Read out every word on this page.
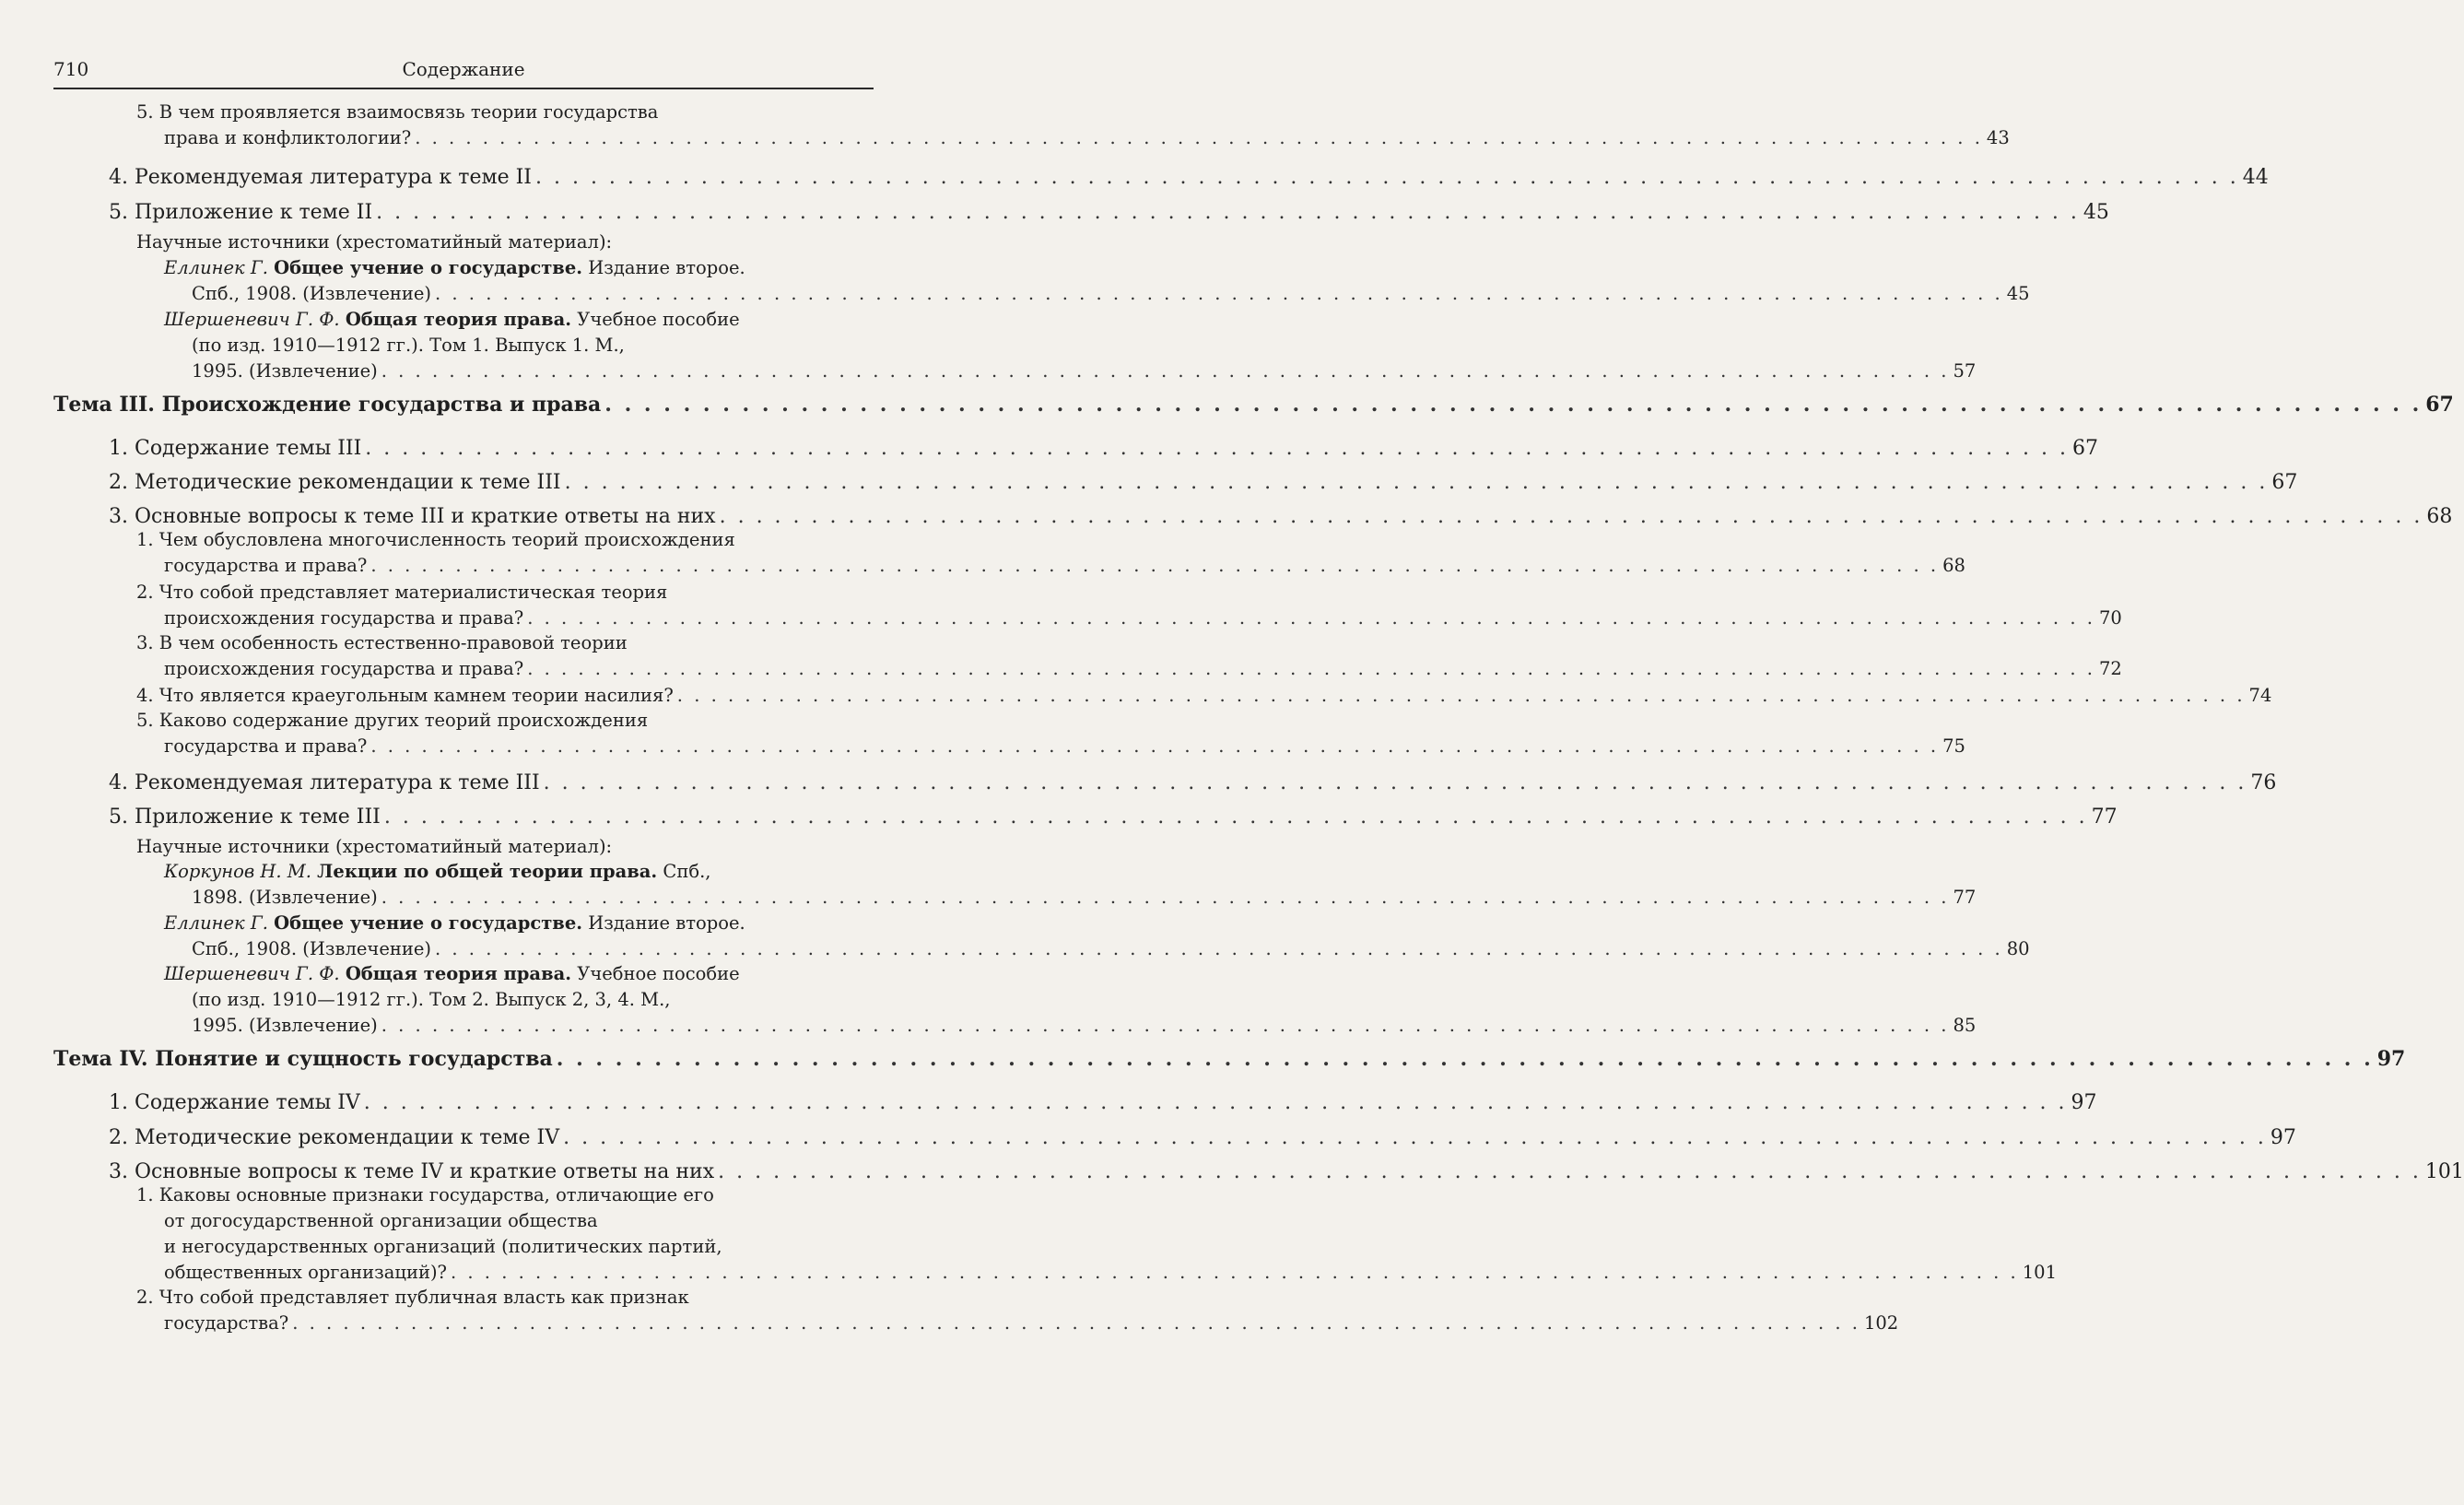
710	Содержание
5. В чем проявляется взаимосвязь теории государства
права и конфликтологии? . . . . . . . . . . . . . . . . . . . . . . . . . . . . . . . . . . . . . . . . . . . . . . . . . . . . . . . . . . . . . . . . . . . . . . . . . . . . . . . . . . . . . . . . . . . . . 43
4. Рекомендуемая литература к теме II . . . . . . . . . . . . . . . . . . . . . . . . . . . . . . . . . . . . . . . . . . . . . . . . . . . . . . . . . . . . . . . . . . . . . . . . . . . . . . . . . . . . . . . . . . . . . 44
5. Приложение к теме II . . . . . . . . . . . . . . . . . . . . . . . . . . . . . . . . . . . . . . . . . . . . . . . . . . . . . . . . . . . . . . . . . . . . . . . . . . . . . . . . . . . . . . . . . . . . . 45
Научные источники (хрестоматийный материал):
Еллинек Г. Общее учение о государстве. Издание второе.
Спб., 1908. (Извлечение) . . . . . . . . . . . . . . . . . . . . . . . . . . . . . . . . . . . . . . . . . . . . . . . . . . . . . . . . . . . . . . . . . . . . . . . . . . . . . . . . . . . . . . . . . . . . . 45
Шершеневич Г. Ф. Общая теория права. Учебное пособие
(по изд. 1910—1912 гг.). Том 1. Выпуск 1. М.,
1995. (Извлечение) . . . . . . . . . . . . . . . . . . . . . . . . . . . . . . . . . . . . . . . . . . . . . . . . . . . . . . . . . . . . . . . . . . . . . . . . . . . . . . . . . . . . . . . . . . . . . 57
Тема III. Происхождение государства и права . . . . . . . . . . . . . . . . . . . . . . . . . . . . . . . . . . . . . . . . . . . . . . . . . . . . . . . . . . . . . . . . . . . . . . . . . . . . . . . . . . . . . . . . . . . . . 67
1. Содержание темы III . . . . . . . . . . . . . . . . . . . . . . . . . . . . . . . . . . . . . . . . . . . . . . . . . . . . . . . . . . . . . . . . . . . . . . . . . . . . . . . . . . . . . . . . . . . . . 67
2. Методические рекомендации к теме III . . . . . . . . . . . . . . . . . . . . . . . . . . . . . . . . . . . . . . . . . . . . . . . . . . . . . . . . . . . . . . . . . . . . . . . . . . . . . . . . . . . . . . . . . . . . . 67
3. Основные вопросы к теме III и краткие ответы на них . . . . . . . . . . . . . . . . . . . . . . . . . . . . . . . . . . . . . . . . . . . . . . . . . . . . . . . . . . . . . . . . . . . . . . . . . . . . . . . . . . . . . . . . . . . . . 68
1. Чем обусловлена многочисленность теорий происхождения
государства и права? . . . . . . . . . . . . . . . . . . . . . . . . . . . . . . . . . . . . . . . . . . . . . . . . . . . . . . . . . . . . . . . . . . . . . . . . . . . . . . . . . . . . . . . . . . . . . 68
2. Что собой представляет материалистическая теория
происхождения государства и права? . . . . . . . . . . . . . . . . . . . . . . . . . . . . . . . . . . . . . . . . . . . . . . . . . . . . . . . . . . . . . . . . . . . . . . . . . . . . . . . . . . . . . . . . . . . . . 70
3. В чем особенность естественно-правовой теории
происхождения государства и права? . . . . . . . . . . . . . . . . . . . . . . . . . . . . . . . . . . . . . . . . . . . . . . . . . . . . . . . . . . . . . . . . . . . . . . . . . . . . . . . . . . . . . . . . . . . . . 72
4. Что является краеугольным камнем теории насилия? . . . . . . . . . . . . . . . . . . . . . . . . . . . . . . . . . . . . . . . . . . . . . . . . . . . . . . . . . . . . . . . . . . . . . . . . . . . . . . . . . . . . . . . . . . . . . 74
5. Каково содержание других теорий происхождения
государства и права? . . . . . . . . . . . . . . . . . . . . . . . . . . . . . . . . . . . . . . . . . . . . . . . . . . . . . . . . . . . . . . . . . . . . . . . . . . . . . . . . . . . . . . . . . . . . . 75
4. Рекомендуемая литература к теме III . . . . . . . . . . . . . . . . . . . . . . . . . . . . . . . . . . . . . . . . . . . . . . . . . . . . . . . . . . . . . . . . . . . . . . . . . . . . . . . . . . . . . . . . . . . . . 76
5. Приложение к теме III . . . . . . . . . . . . . . . . . . . . . . . . . . . . . . . . . . . . . . . . . . . . . . . . . . . . . . . . . . . . . . . . . . . . . . . . . . . . . . . . . . . . . . . . . . . . . 77
Научные источники (хрестоматийный материал):
Коркунов Н. М. Лекции по общей теории права. Спб.,
1898. (Извлечение) . . . . . . . . . . . . . . . . . . . . . . . . . . . . . . . . . . . . . . . . . . . . . . . . . . . . . . . . . . . . . . . . . . . . . . . . . . . . . . . . . . . . . . . . . . . . . 77
Еллинек Г. Общее учение о государстве. Издание второе.
Спб., 1908. (Извлечение) . . . . . . . . . . . . . . . . . . . . . . . . . . . . . . . . . . . . . . . . . . . . . . . . . . . . . . . . . . . . . . . . . . . . . . . . . . . . . . . . . . . . . . . . . . . . . 80
Шершеневич Г. Ф. Общая теория права. Учебное пособие
(по изд. 1910—1912 гг.). Том 2. Выпуск 2, 3, 4. М.,
1995. (Извлечение) . . . . . . . . . . . . . . . . . . . . . . . . . . . . . . . . . . . . . . . . . . . . . . . . . . . . . . . . . . . . . . . . . . . . . . . . . . . . . . . . . . . . . . . . . . . . . 85
Тема IV. Понятие и сущность государства . . . . . . . . . . . . . . . . . . . . . . . . . . . . . . . . . . . . . . . . . . . . . . . . . . . . . . . . . . . . . . . . . . . . . . . . . . . . . . . . . . . . . . . . . . . . . 97
1. Содержание темы IV . . . . . . . . . . . . . . . . . . . . . . . . . . . . . . . . . . . . . . . . . . . . . . . . . . . . . . . . . . . . . . . . . . . . . . . . . . . . . . . . . . . . . . . . . . . . . 97
2. Методические рекомендации к теме IV . . . . . . . . . . . . . . . . . . . . . . . . . . . . . . . . . . . . . . . . . . . . . . . . . . . . . . . . . . . . . . . . . . . . . . . . . . . . . . . . . . . . . . . . . . . . . 97
3. Основные вопросы к теме IV и краткие ответы на них . . . . . . . . . . . . . . . . . . . . . . . . . . . . . . . . . . . . . . . . . . . . . . . . . . . . . . . . . . . . . . . . . . . . . . . . . . . . . . . . . . . . . . . . . . . . . 101
1. Каковы основные признаки государства, отличающие его
от догосударственной организации общества
и негосударственных организаций (политических партий,
общественных организаций)? . . . . . . . . . . . . . . . . . . . . . . . . . . . . . . . . . . . . . . . . . . . . . . . . . . . . . . . . . . . . . . . . . . . . . . . . . . . . . . . . . . . . . . . . . . . . . 101
2. Что собой представляет публичная власть как признак
государства? . . . . . . . . . . . . . . . . . . . . . . . . . . . . . . . . . . . . . . . . . . . . . . . . . . . . . . . . . . . . . . . . . . . . . . . . . . . . . . . . . . . . . . . . . . . . . 102
